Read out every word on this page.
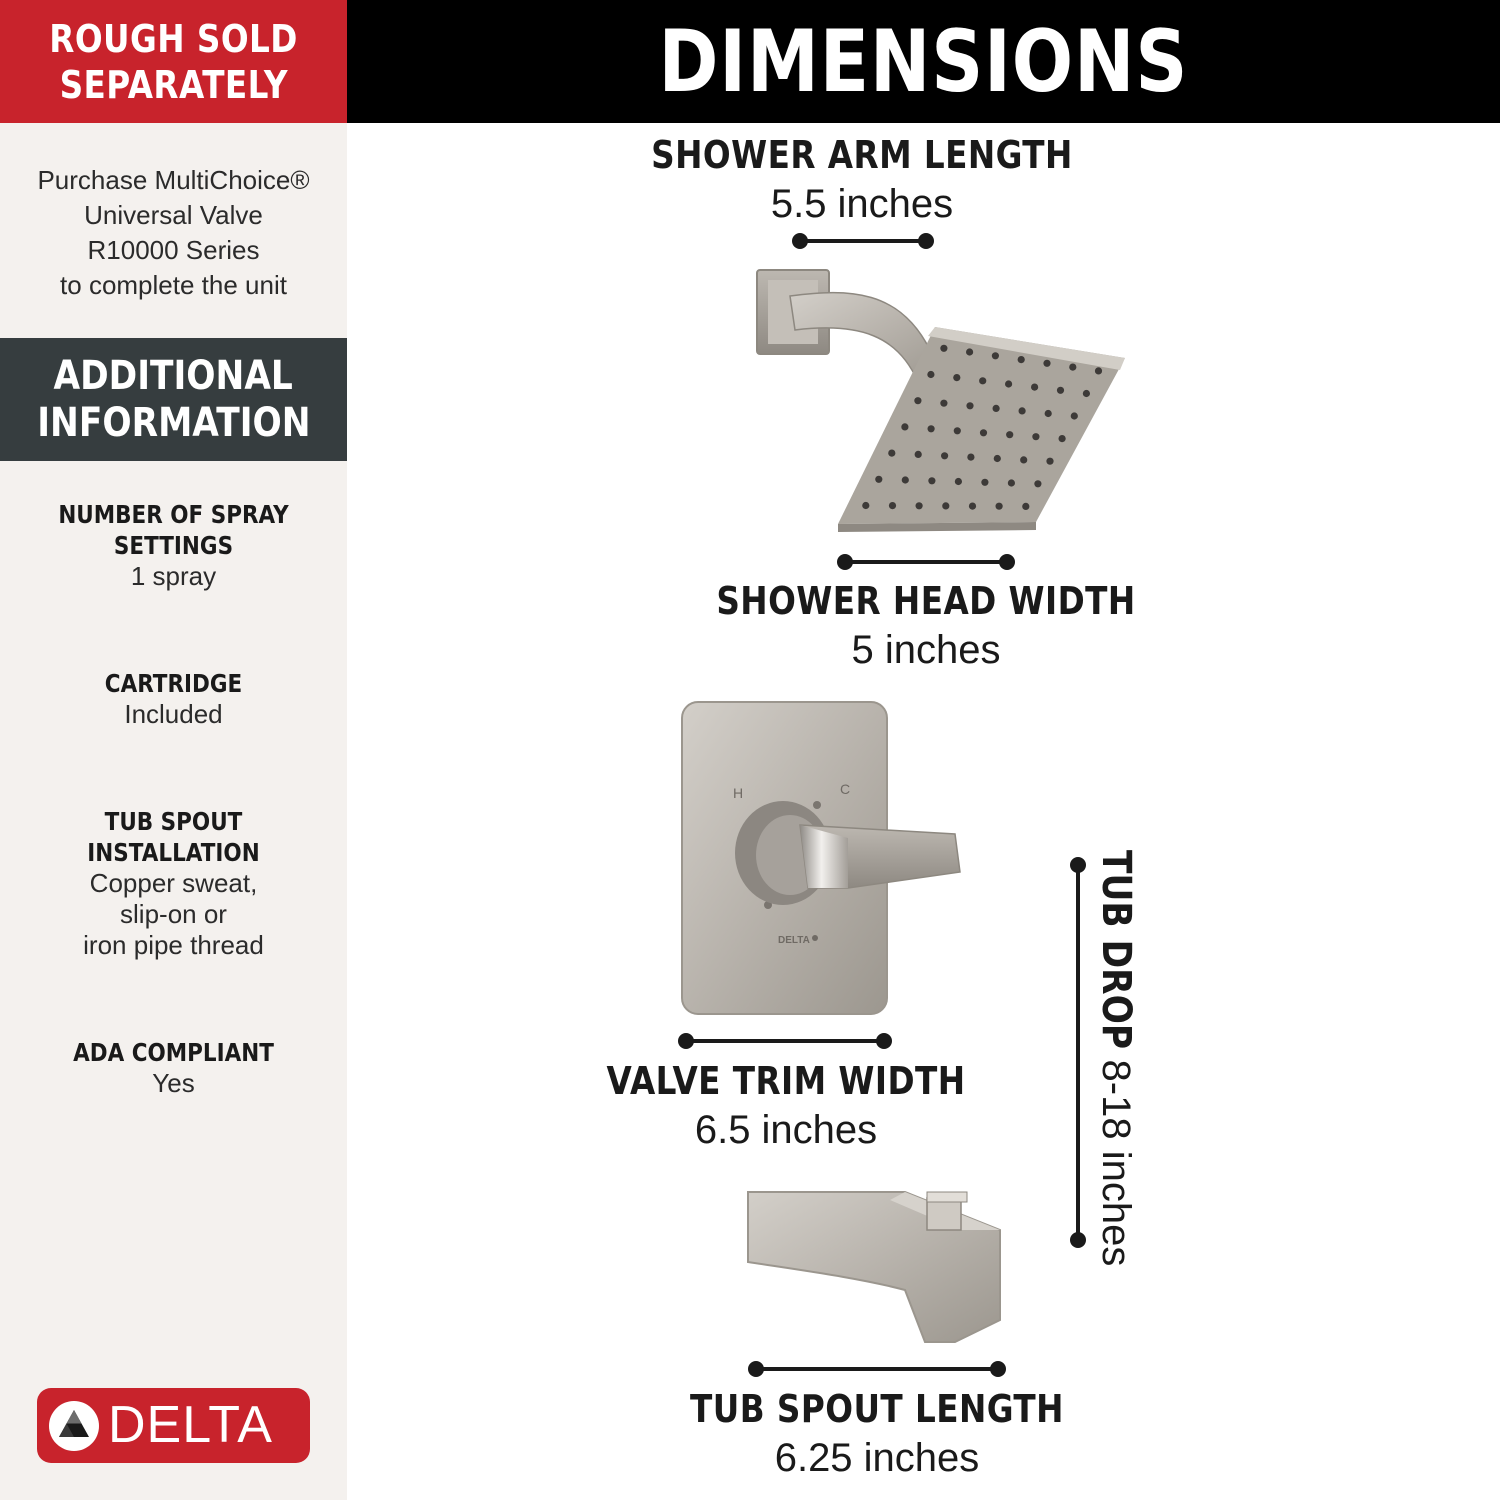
ROUGH SOLD
SEPARATELY
Purchase MultiChoice®
Universal Valve
R10000 Series
to complete the unit
ADDITIONAL
INFORMATION
NUMBER OF SPRAY
SETTINGS
1 spray
CARTRIDGE
Included
TUB SPOUT
INSTALLATION
Copper sweat,
slip-on or
iron pipe thread
ADA COMPLIANT
Yes
DELTA
DIMENSIONS
H	C
DELTA
SHOWER ARM LENGTH
5.5 inches
SHOWER HEAD WIDTH
5 inches
VALVE TRIM WIDTH
6.5 inches
TUB DROP
8-18 inches
TUB SPOUT LENGTH
6.25 inches
